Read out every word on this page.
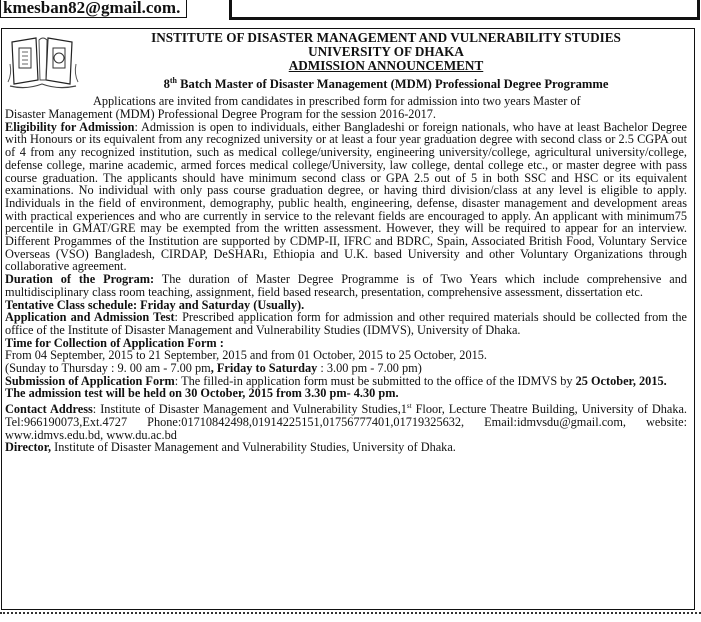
kmesban82@gmail.com.
INSTITUTE OF DISASTER MANAGEMENT AND VULNERABILITY STUDIES
UNIVERSITY OF DHAKA
ADMISSION ANNOUNCEMENT
8th Batch Master of Disaster Management (MDM) Professional Degree Programme
Applications are invited from candidates in prescribed form for admission into two years Master of

Disaster Management (MDM) Professional Degree Program for the session 2016-2017.

Eligibility for Admission: Admission is open to individuals, either Bangladeshi or foreign nationals, who have at least Bachelor Degree with Honours or its equivalent from any recognized university or at least a four year graduation degree with second class or 2.5 CGPA out of 4 from any recognized institution, such as medical college/university, engineering university/college, agricultural university/college, defense college, marine academic, armed forces medical college/University, law college, dental college etc., or master degree with pass course graduation. The applicants should have minimum second class or GPA 2.5 out of 5 in both SSC and HSC or its equivalent examinations. No individual with only pass course graduation degree, or having third division/class at any level is eligible to apply. Individuals in the field of environment, demography, public health, engineering, defense, disaster management and development areas with practical experiences and who are currently in service to the relevant fields are encouraged to apply. An applicant with minimum75 percentile in GMAT/GRE may be exempted from the written assessment. However, they will be required to appear for an interview. Different Progammes of the Institution are supported by CDMP-II, IFRC and BDRC, Spain, Associated British Food, Voluntary Service Overseas (VSO) Bangladesh, CIRDAP, DeSHARı, Ethiopia and U.K. based University and other Voluntary Organizations through collaborative agreement.

Duration of the Program: The duration of Master Degree Programme is of Two Years which include comprehensive and multidisciplinary class room teaching, assignment, field based research, presentation, comprehensive assessment, dissertation etc.

Tentative Class schedule: Friday and Saturday (Usually).

Application and Admission Test: Prescribed application form for admission and other required materials should be collected from the office of the Institute of Disaster Management and Vulnerability Studies (IDMVS), University of Dhaka.

Time for Collection of Application Form :

From 04 September, 2015 to 21 September, 2015 and from 01 October, 2015 to 25 October, 2015.

(Sunday to Thursday : 9. 00 am - 7.00 pm, Friday to Saturday : 3.00 pm - 7.00 pm)

Submission of Application Form: The filled-in application form must be submitted to the office of the IDMVS by 25 October, 2015.

The admission test will be held on 30 October, 2015 from 3.30 pm- 4.30 pm.

Contact Address: Institute of Disaster Management and Vulnerability Studies,1st Floor, Lecture Theatre Building, University of Dhaka. Tel:966190073,Ext.4727 Phone:01710842498,01914225151,01756777401,01719325632, Email:idmvsdu@gmail.com, website: www.idmvs.edu.bd, www.du.ac.bd

Director, Institute of Disaster Management and Vulnerability Studies, University of Dhaka.
